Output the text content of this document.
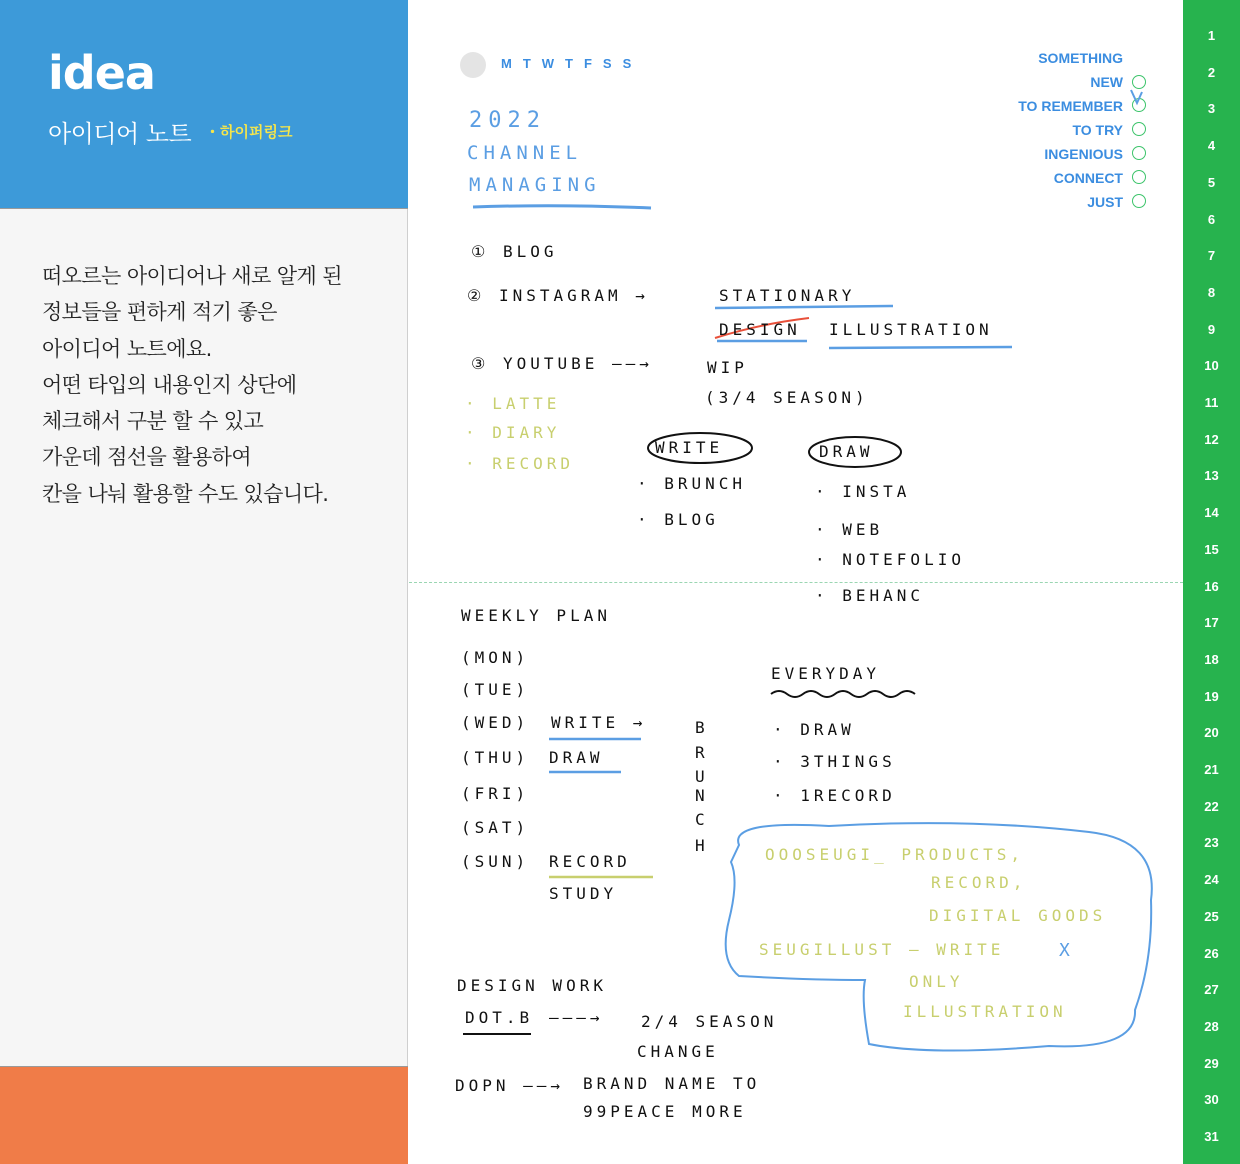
idea
아이디어 노트 ・하이퍼링크
떠오르는 아이디어나 새로 알게 된
정보들을 편하게 적기 좋은
아이디어 노트에요.
어떤 타입의 내용인지 상단에
체크해서 구분 할 수 있고
가운데 점선을 활용하여
칸을 나눠 활용할 수도 있습니다.
MTWTFSS	SOMETHING
NEW
TO REMEMBER
TO TRY
INGENIOUS
CONNECT
JUST
2022
CHANNEL
MANAGING
① BLOG
② INSTAGRAM →	STATIONARY
DESIGN ILLUSTRATION
③ YOUTUBE ——→	WIP
(3/4 SEASON)
· LATTE
· DIARY
· RECORD
WRITE	DRAW
· BRUNCH
· BLOG
· INSTA
· WEB
· NOTEFOLIO
· BEHANC
WEEKLY PLAN
(MON)
(TUE)
(WED) WRITE →
(THU) DRAW
(FRI)
(SAT)
(SUN) RECORD
STUDY
B
R
U
N
C
H
EVERYDAY
· DRAW
· 3THINGS
· 1RECORD
OOOSEUGI_ PRODUCTS,
RECORD,
DIGITAL GOODS
SEUGILLUST — WRITE	X
ONLY
ILLUSTRATION
DESIGN WORK
DOT.B ———→ 2/4 SEASON
CHANGE
DOPN ——→ BRAND NAME TO
99PEACE MORE
1
2
3
4
5
6
7
8
9
10
11
12
13
14
15
16
17
18
19
20
21
22
23
24
25
26
27
28
29
30
31
